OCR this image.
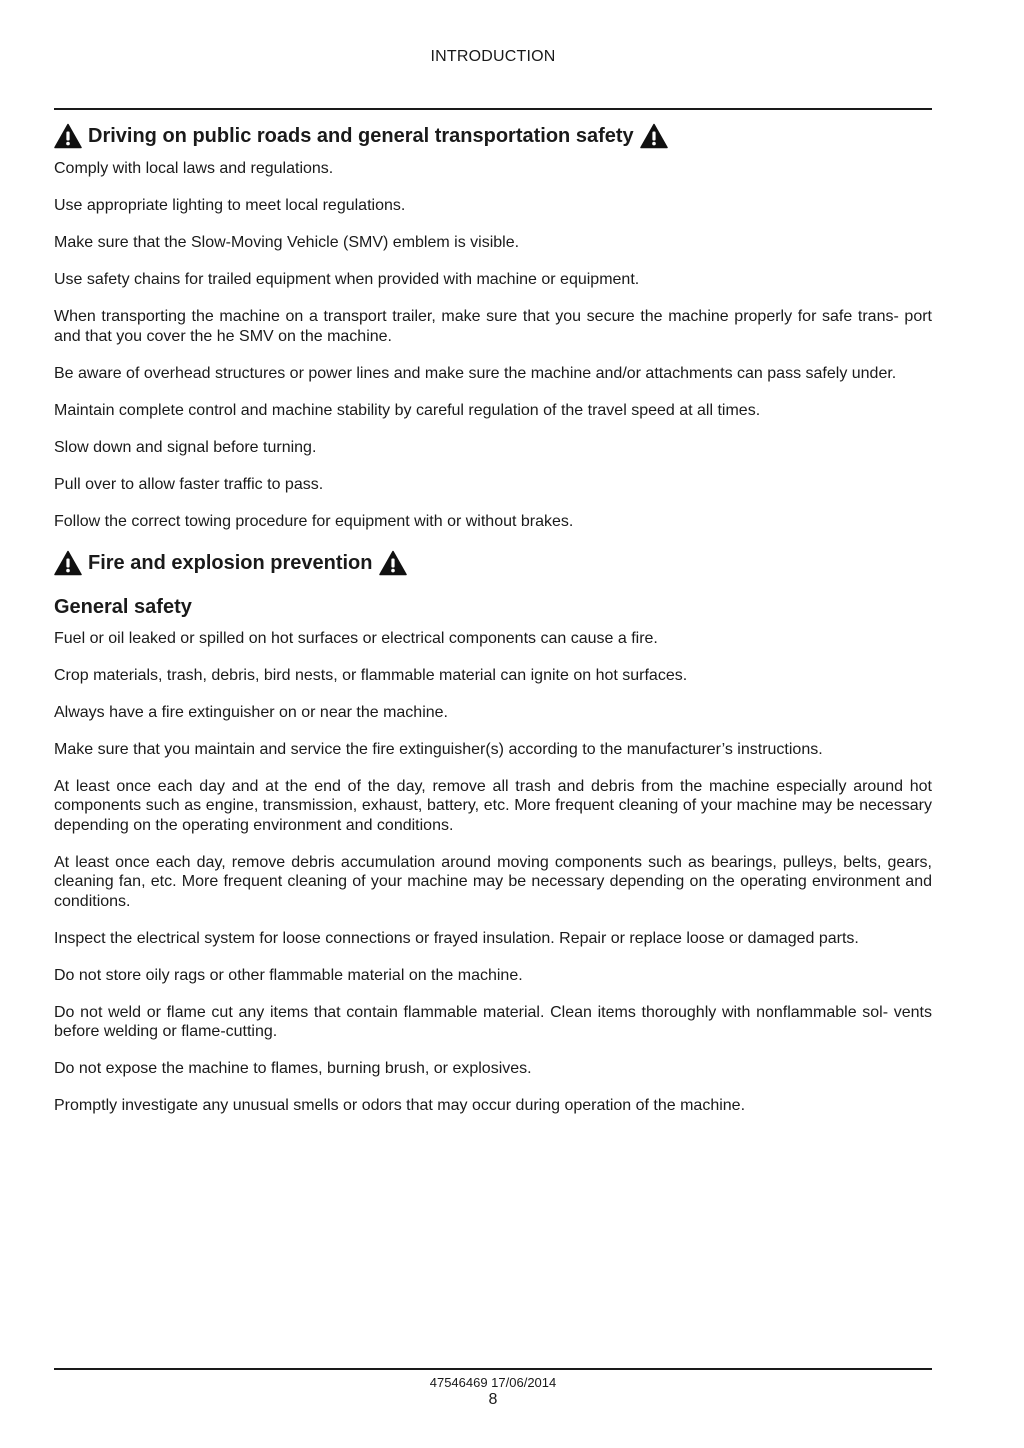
INTRODUCTION
Driving on public roads and general transportation safety

Comply with local laws and regulations.

Use appropriate lighting to meet local regulations.

Make sure that the Slow-Moving Vehicle (SMV) emblem is visible.

Use safety chains for trailed equipment when provided with machine or equipment.

When transporting the machine on a transport trailer, make sure that you secure the machine properly for safe trans- port and that you cover the he SMV on the machine.

Be aware of overhead structures or power lines and make sure the machine and/or attachments can pass safely under.

Maintain complete control and machine stability by careful regulation of the travel speed at all times.

Slow down and signal before turning.

Pull over to allow faster traffic to pass.

Follow the correct towing procedure for equipment with or without brakes.

Fire and explosion prevention
General safety

Fuel or oil leaked or spilled on hot surfaces or electrical components can cause a fire.

Crop materials, trash, debris, bird nests, or flammable material can ignite on hot surfaces.

Always have a fire extinguisher on or near the machine.

Make sure that you maintain and service the fire extinguisher(s) according to the manufacturer’s instructions.

At least once each day and at the end of the day, remove all trash and debris from the machine especially around hot components such as engine, transmission, exhaust, battery, etc. More frequent cleaning of your machine may be necessary depending on the operating environment and conditions.

At least once each day, remove debris accumulation around moving components such as bearings, pulleys, belts, gears, cleaning fan, etc. More frequent cleaning of your machine may be necessary depending on the operating environment and conditions.

Inspect the electrical system for loose connections or frayed insulation. Repair or replace loose or damaged parts.

Do not store oily rags or other flammable material on the machine.

Do not weld or flame cut any items that contain flammable material. Clean items thoroughly with nonflammable sol- vents before welding or flame-cutting.

Do not expose the machine to flames, burning brush, or explosives.

Promptly investigate any unusual smells or odors that may occur during operation of the machine.

47546469 17/06/2014
8
